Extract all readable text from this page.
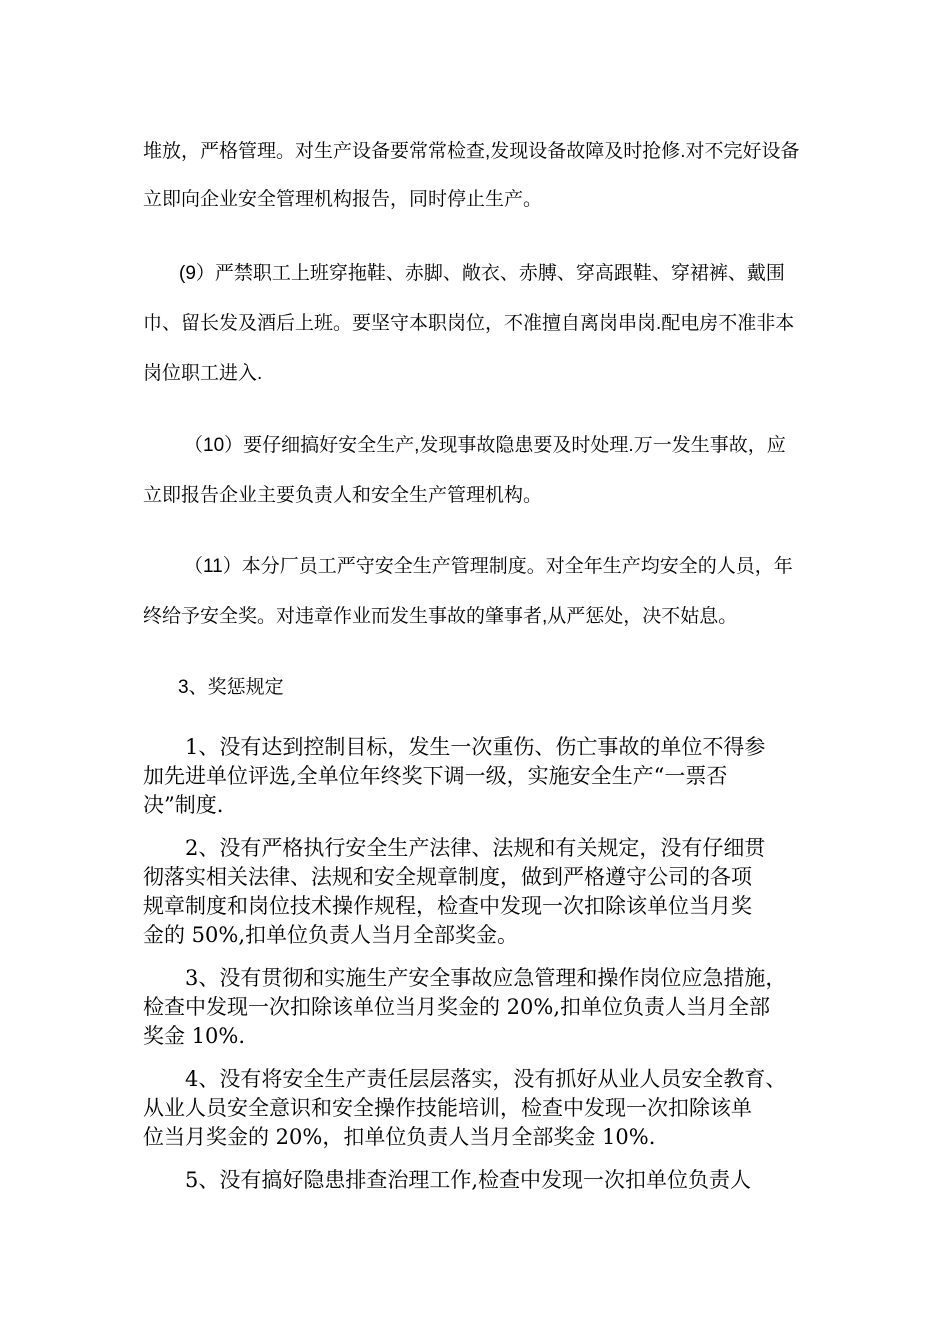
堆放，严格管理。对生产设备要常常检查,发现设备故障及时抢修.对不完好设备

立即向企业安全管理机构报告，同时停止生产。

(9）严禁职工上班穿拖鞋、赤脚、敞衣、赤膊、穿高跟鞋、穿裙裤、戴围

巾、留长发及酒后上班。要坚守本职岗位，不准擅自离岗串岗.配电房不准非本

岗位职工进入.

（10）要仔细搞好安全生产,发现事故隐患要及时处理.万一发生事故，应

立即报告企业主要负责人和安全生产管理机构。

（11）本分厂员工严守安全生产管理制度。对全年生产均安全的人员，年

终给予安全奖。对违章作业而发生事故的肇事者,从严惩处，决不姑息。

3、奖惩规定

1、没有达到控制目标，发生一次重伤、伤亡事故的单位不得参

加先进单位评选,全单位年终奖下调一级，实施安全生产“一票否

决”制度.

2、没有严格执行安全生产法律、法规和有关规定，没有仔细贯

彻落实相关法律、法规和安全规章制度，做到严格遵守公司的各项

规章制度和岗位技术操作规程，检查中发现一次扣除该单位当月奖

金的 50%,扣单位负责人当月全部奖金。

3、没有贯彻和实施生产安全事故应急管理和操作岗位应急措施，

检查中发现一次扣除该单位当月奖金的 20%,扣单位负责人当月全部

奖金 10%.

4、没有将安全生产责任层层落实，没有抓好从业人员安全教育、

从业人员安全意识和安全操作技能培训，检查中发现一次扣除该单

位当月奖金的 20%，扣单位负责人当月全部奖金 10%.

5、没有搞好隐患排查治理工作,检查中发现一次扣单位负责人
